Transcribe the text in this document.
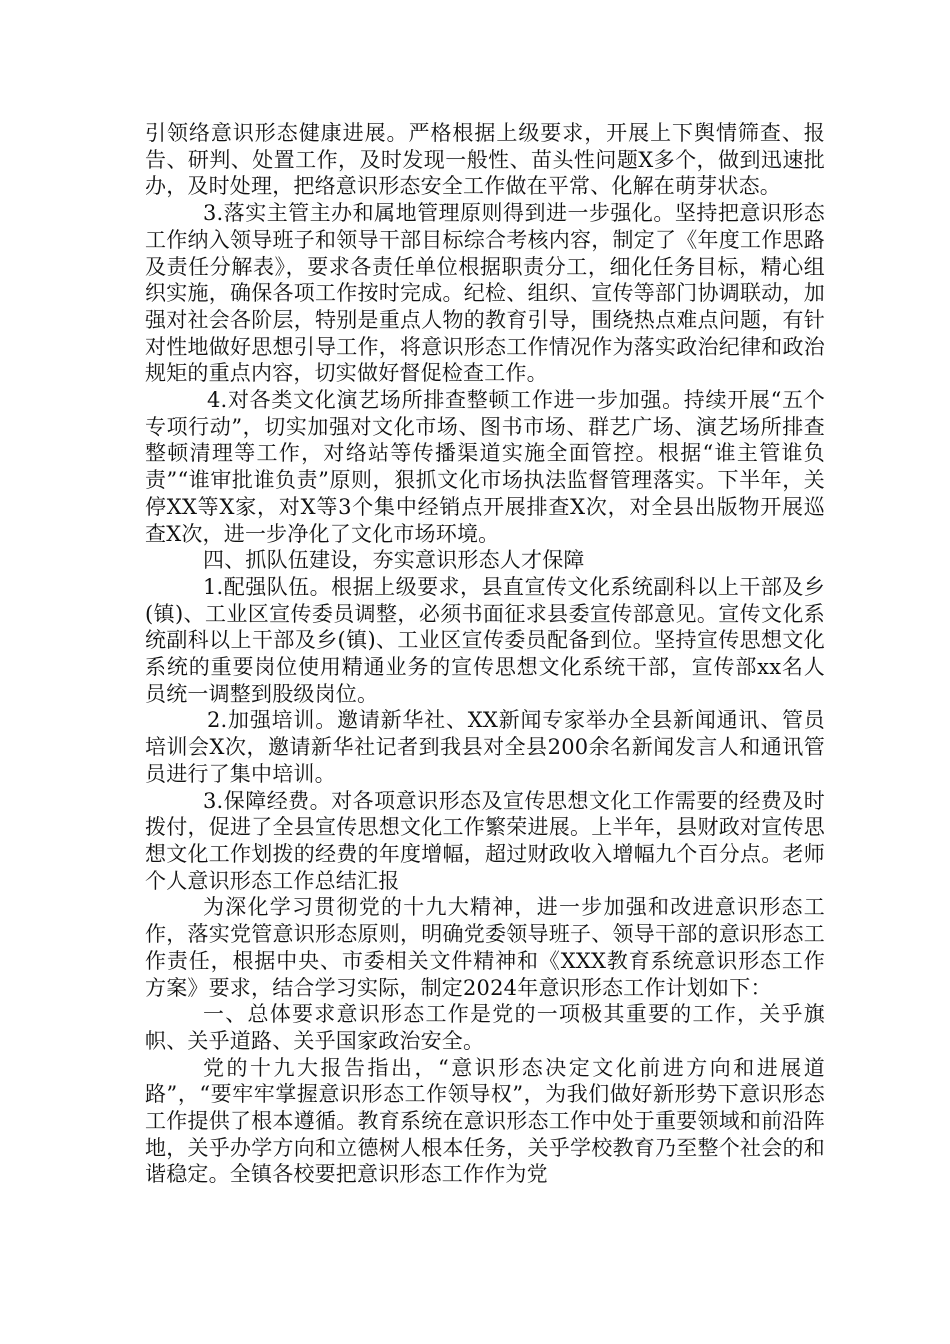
引领络意识形态健康进展。严格根据上级要求，开展上下舆情筛查、报告、研判、处置工作，及时发现一般性、苗头性问题X多个，做到迅速批办，及时处理，把络意识形态安全工作做在平常、化解在萌芽状态。

3.落实主管主办和属地管理原则得到进一步强化。坚持把意识形态工作纳入领导班子和领导干部目标综合考核内容，制定了《年度工作思路及责任分解表》，要求各责任单位根据职责分工，细化任务目标，精心组织实施，确保各项工作按时完成。纪检、组织、宣传等部门协调联动，加强对社会各阶层，特别是重点人物的教育引导，围绕热点难点问题，有针对性地做好思想引导工作，将意识形态工作情况作为落实政治纪律和政治规矩的重点内容，切实做好督促检查工作。

4.对各类文化演艺场所排查整顿工作进一步加强。持续开展“五个专项行动”，切实加强对文化市场、图书市场、群艺广场、演艺场所排查整顿清理等工作，对络站等传播渠道实施全面管控。根据“谁主管谁负责”“谁审批谁负责”原则，狠抓文化市场执法监督管理落实。下半年，关停XX等X家，对X等3个集中经销点开展排查X次，对全县出版物开展巡查X次，进一步净化了文化市场环境。

四、抓队伍建设，夯实意识形态人才保障

1.配强队伍。根据上级要求，县直宣传文化系统副科以上干部及乡(镇)、工业区宣传委员调整，必须书面征求县委宣传部意见。宣传文化系统副科以上干部及乡(镇)、工业区宣传委员配备到位。坚持宣传思想文化系统的重要岗位使用精通业务的宣传思想文化系统干部，宣传部xx名人员统一调整到股级岗位。

2.加强培训。邀请新华社、XX新闻专家举办全县新闻通讯、管员培训会X次，邀请新华社记者到我县对全县200余名新闻发言人和通讯管员进行了集中培训。

3.保障经费。对各项意识形态及宣传思想文化工作需要的经费及时拨付，促进了全县宣传思想文化工作繁荣进展。上半年，县财政对宣传思想文化工作划拨的经费的年度增幅，超过财政收入增幅九个百分点。老师个人意识形态工作总结汇报

为深化学习贯彻党的十九大精神，进一步加强和改进意识形态工作，落实党管意识形态原则，明确党委领导班子、领导干部的意识形态工作责任，根据中央、市委相关文件精神和《XXX教育系统意识形态工作方案》要求，结合学习实际，制定2024年意识形态工作计划如下：

一、总体要求意识形态工作是党的一项极其重要的工作，关乎旗帜、关乎道路、关乎国家政治安全。

党的十九大报告指出，“意识形态决定文化前进方向和进展道路”，“要牢牢掌握意识形态工作领导权”，为我们做好新形势下意识形态工作提供了根本遵循。教育系统在意识形态工作中处于重要领域和前沿阵地，关乎办学方向和立德树人根本任务，关乎学校教育乃至整个社会的和谐稳定。全镇各校要把意识形态工作作为党
